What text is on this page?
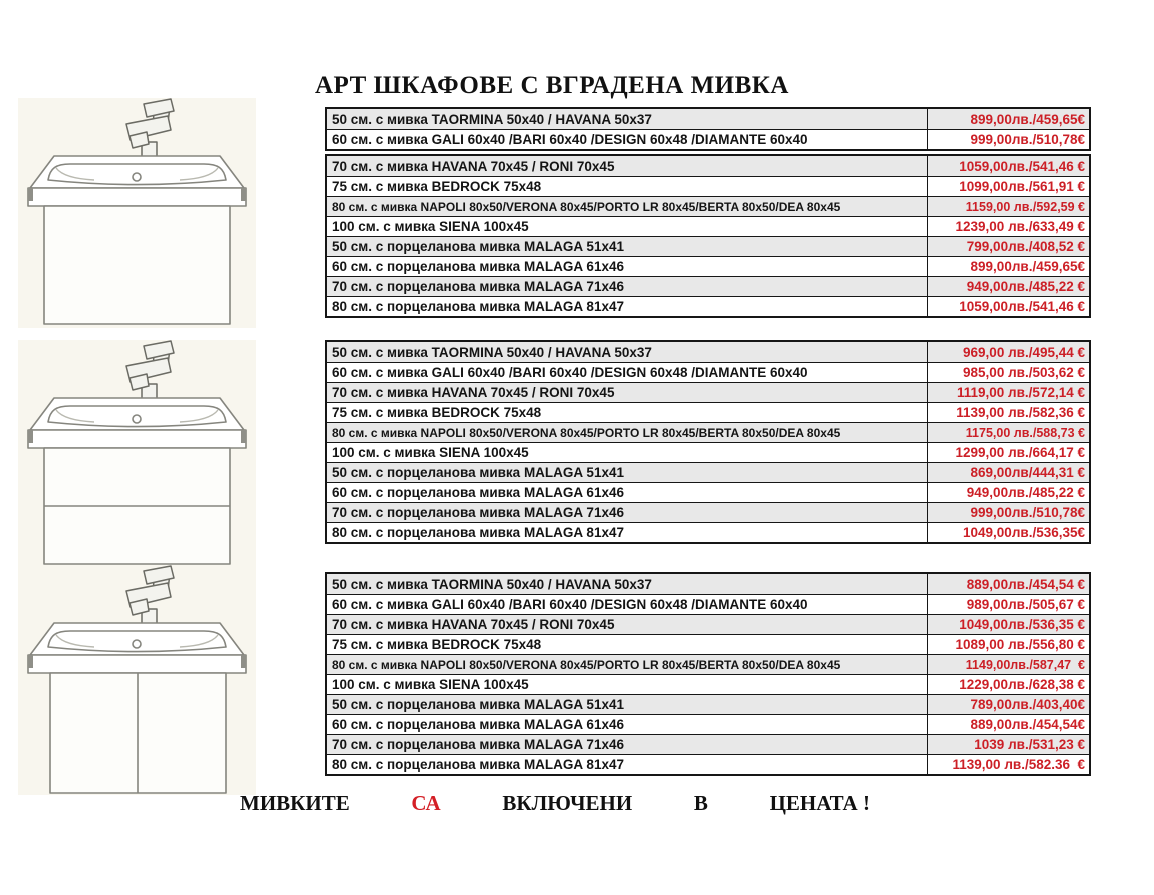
АРТ ШКАФОВЕ С ВГРАДЕНА МИВКА
50 см. с мивка TAORMINA 50x40 / HAVANA 50x37	899,00лв./459,65€
60 см. с мивка GALI 60x40 /BARI 60x40 /DESIGN 60x48 /DIAMANTE 60x40	999,00лв./510,78€
70 см. с мивка HAVANA 70x45 / RONI 70x45	1059,00лв./541,46 €
75 см. с мивка BEDROCK 75x48	1099,00лв./561,91 €
80 см. с мивка NAPOLI 80x50/VERONA 80x45/PORTO LR 80x45/BERTA 80x50/DEA 80x45	1159,00 лв./592,59 €
100 см. с мивка SIENA 100x45	1239,00 лв./633,49 €
50 см. с порцеланова мивка MALAGA 51x41	799,00лв./408,52 €
60 см. с порцеланова мивка MALAGA 61x46	899,00лв./459,65€
70 см. с порцеланова мивка MALAGA 71x46	949,00лв./485,22 €
80 см. с порцеланова мивка MALAGA 81x47	1059,00лв./541,46 €
50 см. с мивка TAORMINA 50x40 / HAVANA 50x37	969,00 лв./495,44 €
60 см. с мивка GALI 60x40 /BARI 60x40 /DESIGN 60x48 /DIAMANTE 60x40	985,00 лв./503,62 €
70 см. с мивка HAVANA 70x45 / RONI 70x45	1119,00 лв./572,14 €
75 см. с мивка BEDROCK 75x48	1139,00 лв./582,36 €
80 см. с мивка NAPOLI 80x50/VERONA 80x45/PORTO LR 80x45/BERTA 80x50/DEA 80x45	1175,00 лв./588,73 €
100 см. с мивка SIENA 100x45	1299,00 лв./664,17 €
50 см. с порцеланова мивка MALAGA 51x41	869,00лв/444,31 €
60 см. с порцеланова мивка MALAGA 61x46	949,00лв./485,22 €
70 см. с порцеланова мивка MALAGA 71x46	999,00лв./510,78€
80 см. с порцеланова мивка MALAGA 81x47	1049,00лв./536,35€
50 см. с мивка TAORMINA 50x40 / HAVANA 50x37	889,00лв./454,54 €
60 см. с мивка GALI 60x40 /BARI 60x40 /DESIGN 60x48 /DIAMANTE 60x40	989,00лв./505,67 €
70 см. с мивка HAVANA 70x45 / RONI 70x45	1049,00лв./536,35 €
75 см. с мивка BEDROCK 75x48	1089,00 лв./556,80 €
80 см. с мивка NAPOLI 80x50/VERONA 80x45/PORTO LR 80x45/BERTA 80x50/DEA 80x45	1149,00лв./587,47  €
100 см. с мивка SIENA 100x45	1229,00лв./628,38 €
50 см. с порцеланова мивка MALAGA 51x41	789,00лв./403,40€
60 см. с порцеланова мивка MALAGA 61x46	889,00лв./454,54€
70 см. с порцеланова мивка MALAGA 71x46	1039 лв./531,23 €
80 см. с порцеланова мивка MALAGA 81x47	1139,00 лв./582.36  €
МИВКИТЕ	СА	ВКЛЮЧЕНИ	В	ЦЕНАТА !
